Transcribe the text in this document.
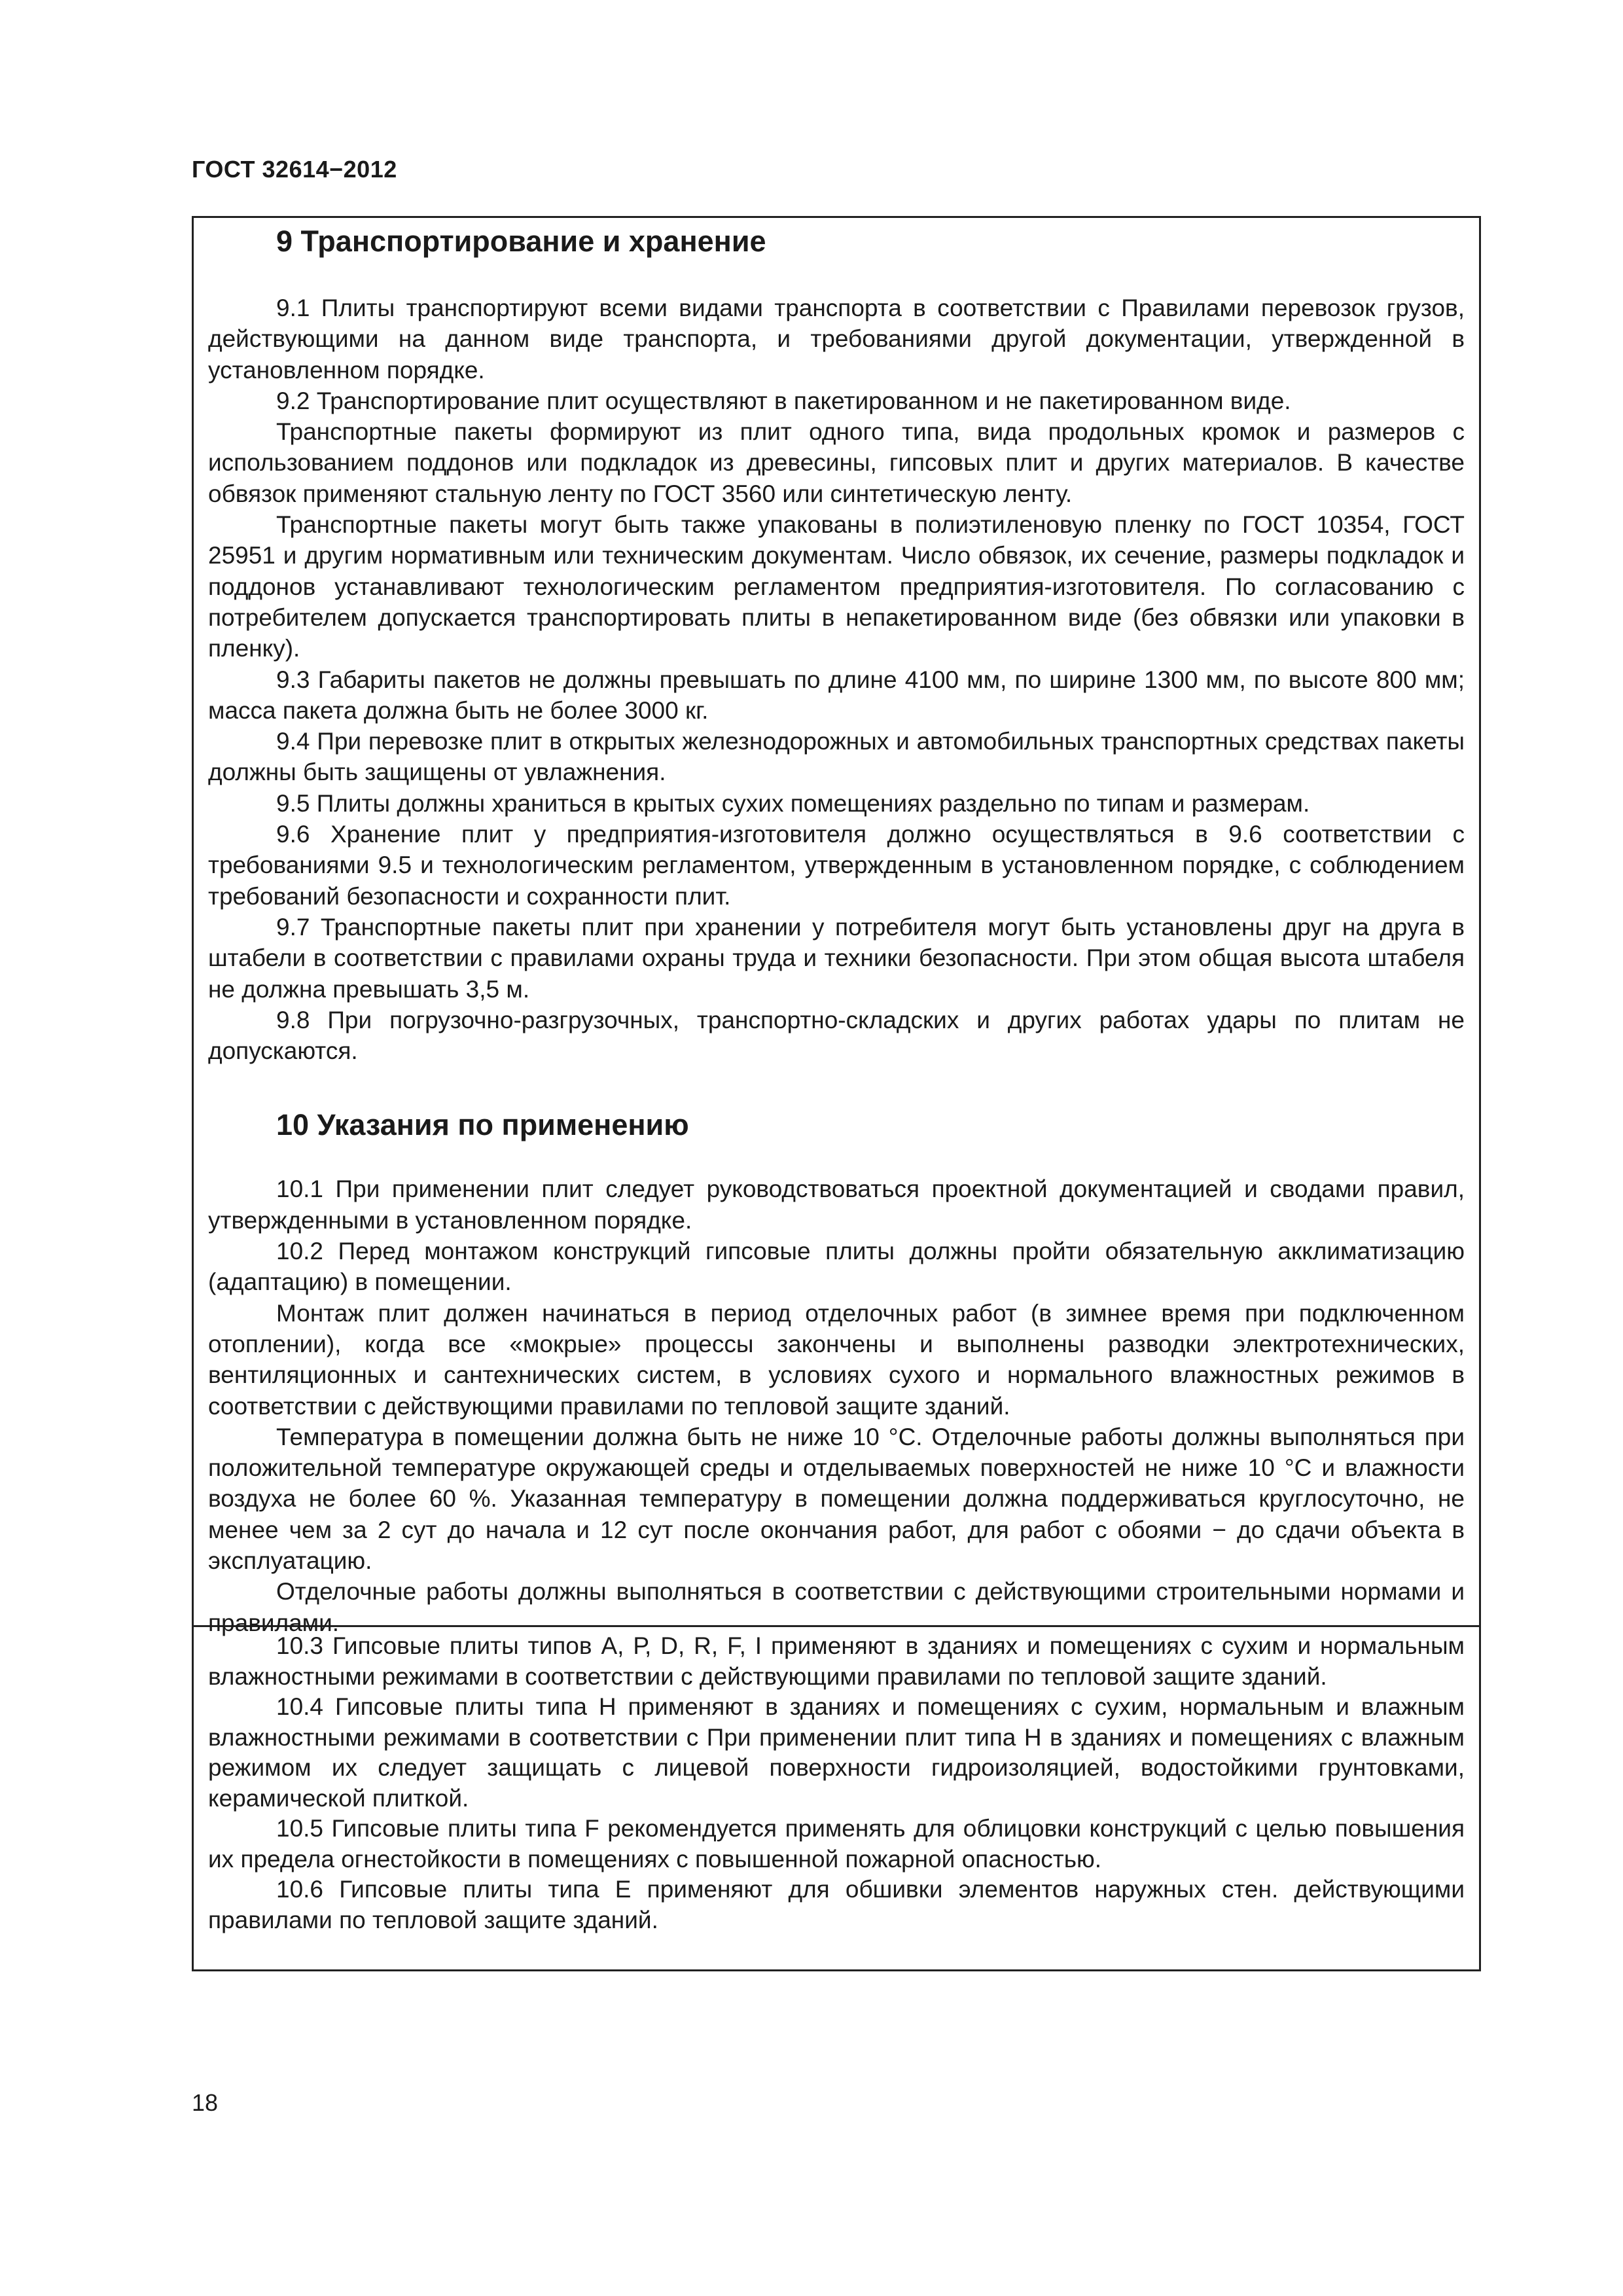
ГОСТ 32614−2012
9 Транспортирование и хранение

9.1 Плиты транспортируют всеми видами транспорта в соответствии с Правилами перевозок грузов, действующими на данном виде транспорта, и требованиями другой документации, утвержденной в установленном порядке.

9.2 Транспортирование плит осуществляют в пакетированном и не пакетированном виде.

Транспортные пакеты формируют из плит одного типа, вида продольных кромок и размеров с использованием поддонов или подкладок из древесины, гипсовых плит и других материалов. В качестве обвязок применяют стальную ленту по ГОСТ 3560 или синтетическую ленту.

Транспортные пакеты могут быть также упакованы в полиэтиленовую пленку по ГОСТ 10354, ГОСТ 25951 и другим нормативным или техническим документам. Число обвязок, их сечение, размеры подкладок и поддонов устанавливают технологическим регламентом предприятия-изготовителя. По согласованию с потребителем допускается транспортировать плиты в непакетированном виде (без обвязки или упаковки в пленку).

9.3 Габариты пакетов не должны превышать по длине 4100 мм, по ширине 1300 мм, по высоте 800 мм; масса пакета должна быть не более 3000 кг.

9.4 При перевозке плит в открытых железнодорожных и автомобильных транспортных средствах пакеты должны быть защищены от увлажнения.

9.5 Плиты должны храниться в крытых сухих помещениях раздельно по типам и размерам.

9.6 Хранение плит у предприятия-изготовителя должно осуществляться в 9.6 соответствии с требованиями 9.5 и технологическим регламентом, утвержденным в установленном порядке, с соблюдением требований безопасности и сохранности плит.

9.7 Транспортные пакеты плит при хранении у потребителя могут быть установлены друг на друга в штабели в соответствии с правилами охраны труда и техники безопасности. При этом общая высота штабеля не должна превышать 3,5 м.

9.8 При погрузочно-разгрузочных, транспортно-складских и других работах удары по плитам не допускаются.

10 Указания по применению

10.1 При применении плит следует руководствоваться проектной документацией и сводами правил, утвержденными в установленном порядке.

10.2 Перед монтажом конструкций гипсовые плиты должны пройти обязательную акклиматизацию (адаптацию) в помещении.

Монтаж плит должен начинаться в период отделочных работ (в зимнее время при подключенном отоплении), когда все «мокрые» процессы закончены и выполнены разводки электротехнических, вентиляционных и сантехнических систем, в условиях сухого и нормального влажностных режимов в соответствии с действующими правилами по тепловой защите зданий.

Температура в помещении должна быть не ниже 10 °С. Отделочные работы должны выполняться при положительной температуре окружающей среды и отделываемых поверхностей не ниже 10 °С и влажности воздуха не более 60 %. Указанная температуру в помещении должна поддерживаться круглосуточно, не менее чем за 2 сут до начала и 12 сут после окончания работ, для работ с обоями − до сдачи объекта в эксплуатацию.

Отделочные работы должны выполняться в соответствии с действующими строительными нормами и правилами.

10.3 Гипсовые плиты типов А, Р, D, R, F, I применяют в зданиях и помещениях с сухим и нормальным влажностными режимами в соответствии с действующими правилами по тепловой защите зданий.

10.4 Гипсовые плиты типа Н применяют в зданиях и помещениях с сухим, нормальным и влажным влажностными режимами в соответствии с При применении плит типа Н в зданиях и помещениях с влажным режимом их следует защищать с лицевой поверхности гидроизоляцией, водостойкими грунтовками, керамической плиткой.

10.5 Гипсовые плиты типа F рекомендуется применять для облицовки конструкций с целью повышения их предела огнестойкости в помещениях с повышенной пожарной опасностью.

10.6 Гипсовые плиты типа Е применяют для обшивки элементов наружных стен. действующими правилами по тепловой защите зданий.

18
